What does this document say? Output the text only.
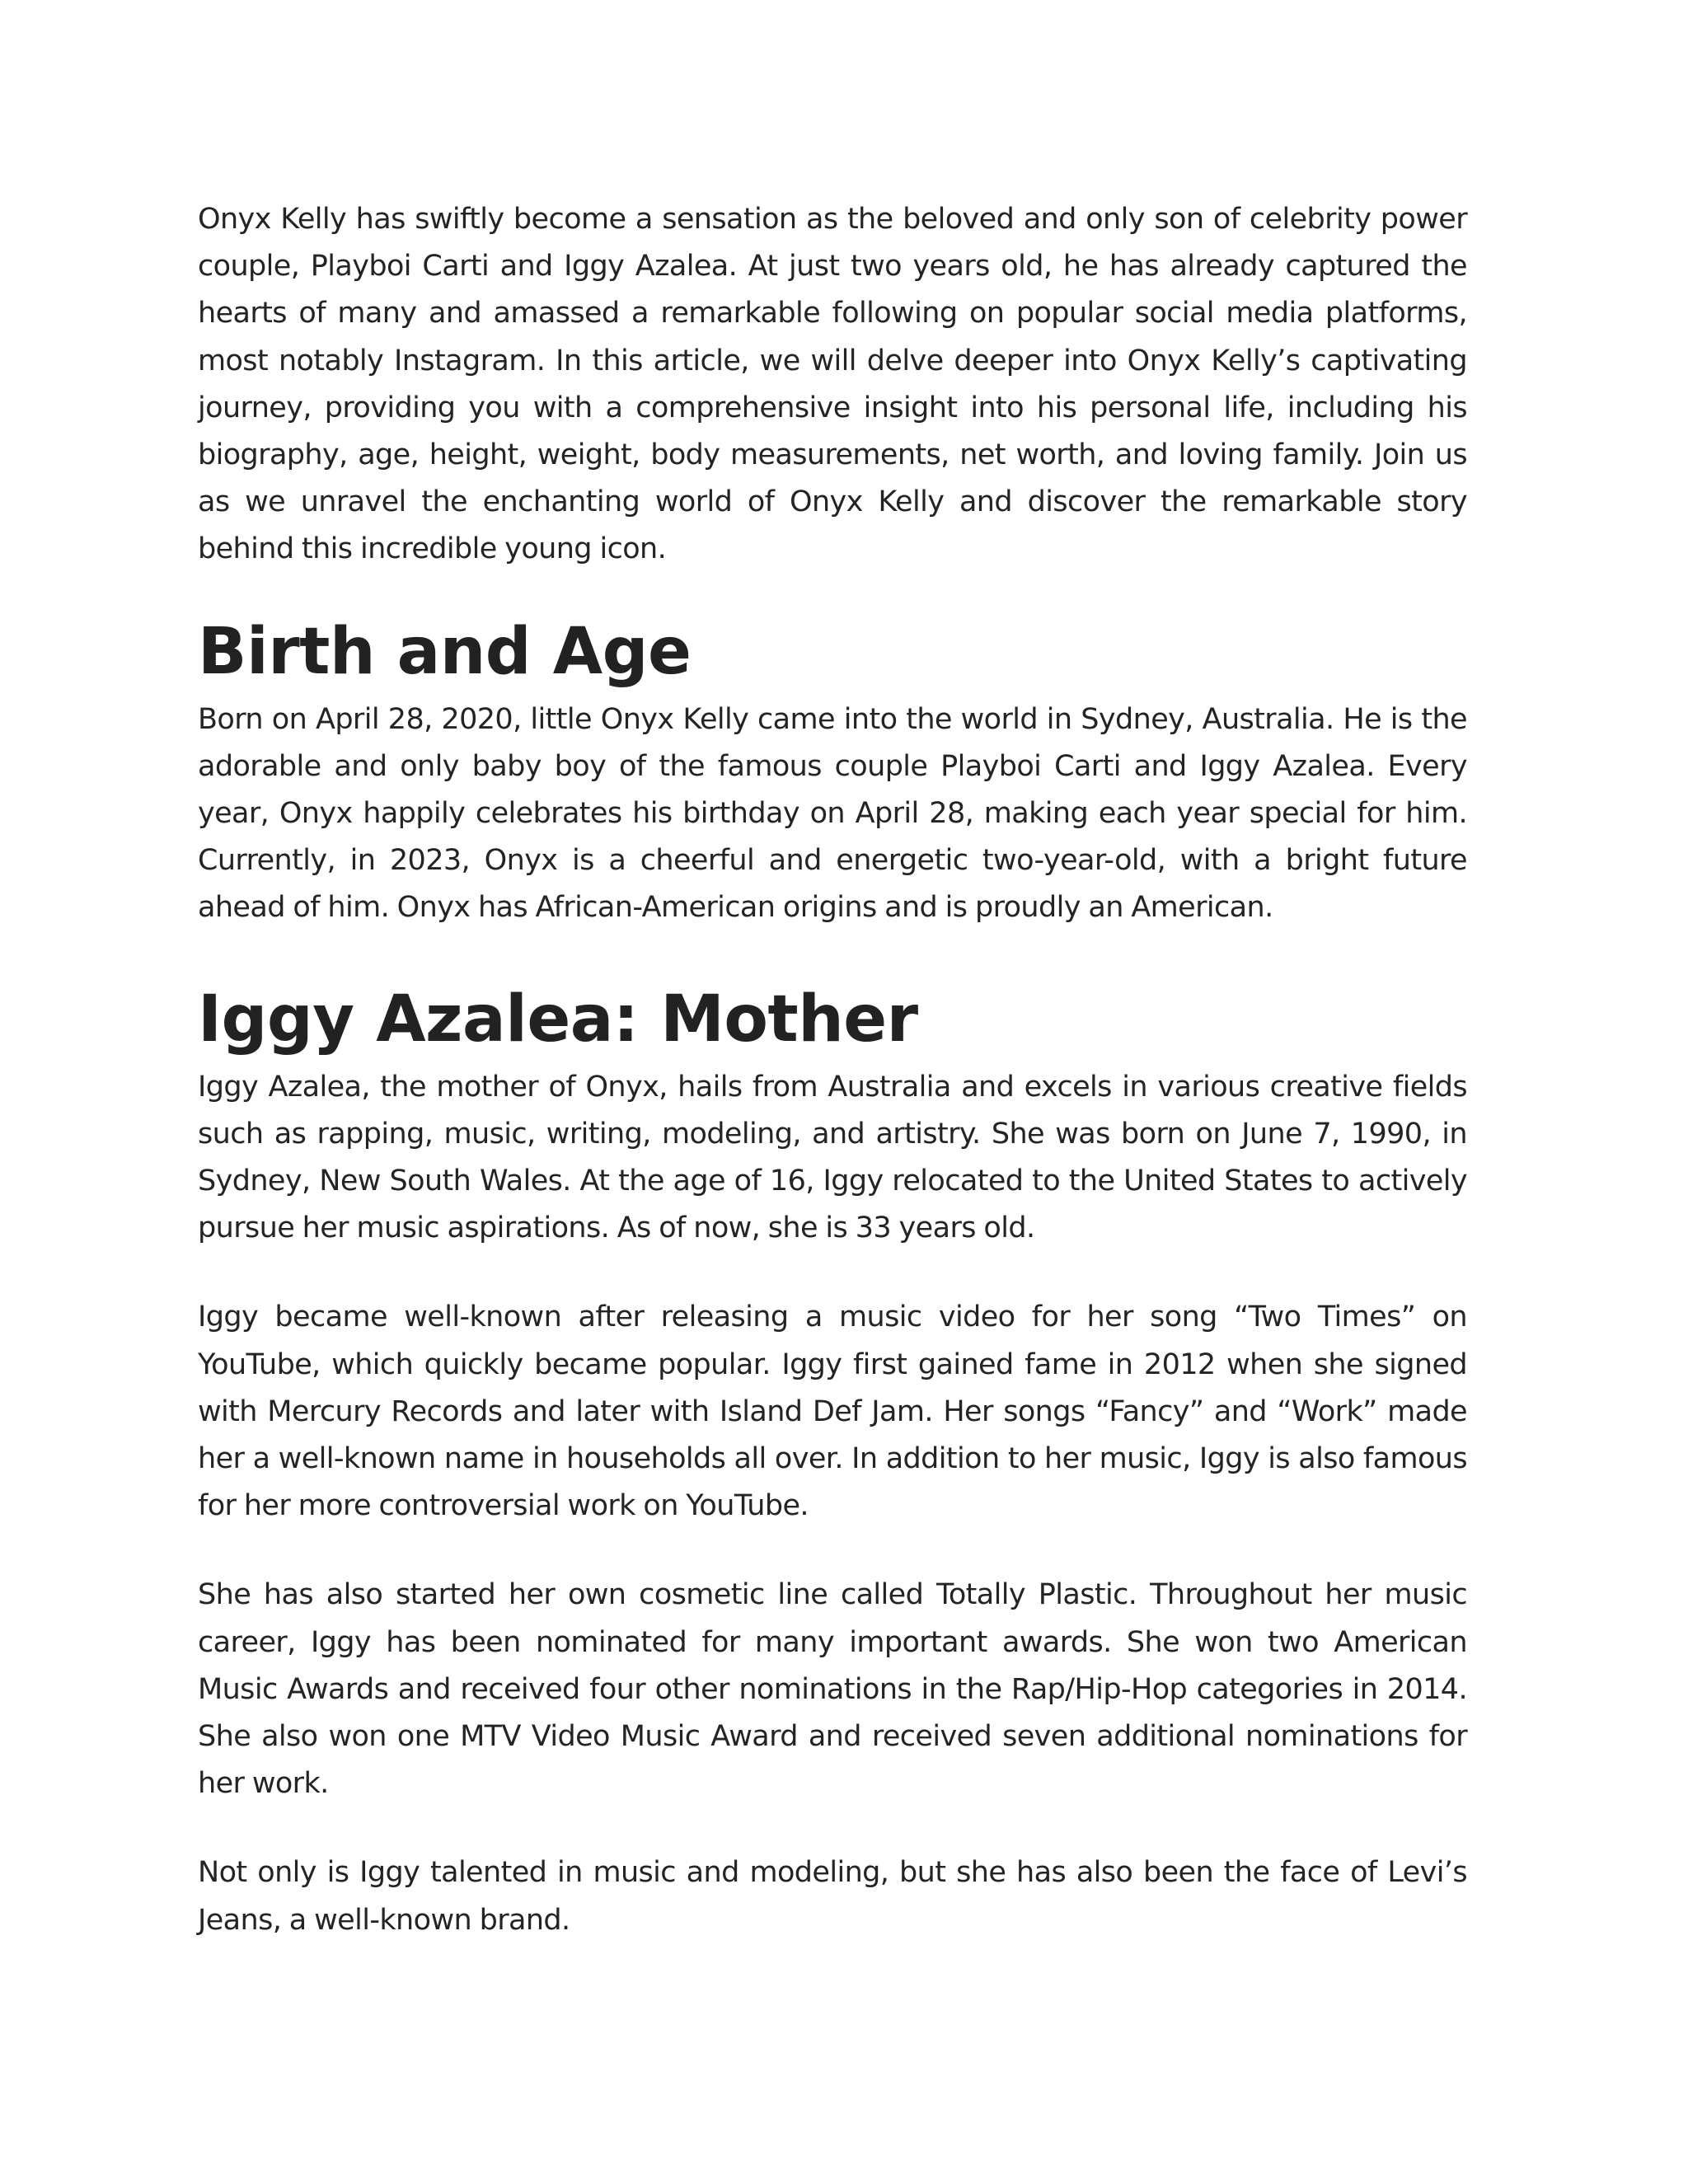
Onyx Kelly has swiftly become a sensation as the beloved and only son of celebrity power couple, Playboi Carti and Iggy Azalea. At just two years old, he has already captured the hearts of many and amassed a remarkable following on popular social media platforms, most notably Instagram. In this article, we will delve deeper into Onyx Kelly’s captivating journey, providing you with a comprehensive insight into his personal life, including his biography, age, height, weight, body measurements, net worth, and loving family. Join us as we unravel the enchanting world of Onyx Kelly and discover the remarkable story behind this incredible young icon.

Birth and Age

Born on April 28, 2020, little Onyx Kelly came into the world in Sydney, Australia. He is the adorable and only baby boy of the famous couple Playboi Carti and Iggy Azalea. Every year, Onyx happily celebrates his birthday on April 28, making each year special for him. Currently, in 2023, Onyx is a cheerful and energetic two-year-old, with a bright future ahead of him. Onyx has African-American origins and is proudly an American.

Iggy Azalea: Mother

Iggy Azalea, the mother of Onyx, hails from Australia and excels in various creative fields such as rapping, music, writing, modeling, and artistry. She was born on June 7, 1990, in Sydney, New South Wales. At the age of 16, Iggy relocated to the United States to actively pursue her music aspirations. As of now, she is 33 years old.

Iggy became well-known after releasing a music video for her song “Two Times” on YouTube, which quickly became popular. Iggy first gained fame in 2012 when she signed with Mercury Records and later with Island Def Jam. Her songs “Fancy” and “Work” made her a well-known name in households all over. In addition to her music, Iggy is also famous for her more controversial work on YouTube.

She has also started her own cosmetic line called Totally Plastic. Throughout her music career, Iggy has been nominated for many important awards. She won two American Music Awards and received four other nominations in the Rap/Hip-Hop categories in 2014. She also won one MTV Video Music Award and received seven additional nominations for her work.

Not only is Iggy talented in music and modeling, but she has also been the face of Levi’s Jeans, a well-known brand.
